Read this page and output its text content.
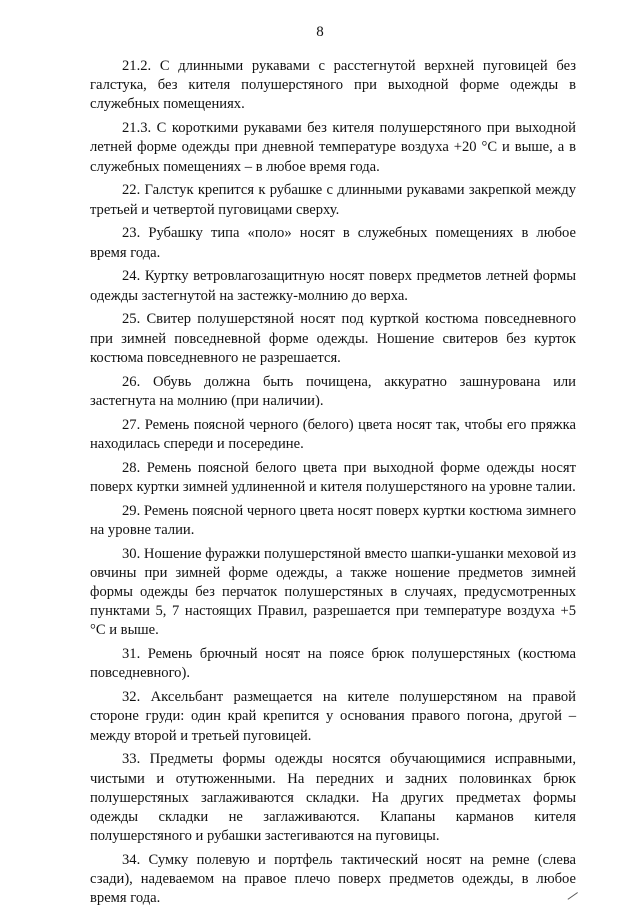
8

21.2. С длинными рукавами с расстегнутой верхней пуговицей без галстука, без кителя полушерстяного при выходной форме одежды в служебных помещениях.

21.3. С короткими рукавами без кителя полушерстяного при выходной летней форме одежды при дневной температуре воздуха +20 °С и выше, а в служебных помещениях – в любое время года.

22. Галстук крепится к рубашке с длинными рукавами закрепкой между третьей и четвертой пуговицами сверху.

23. Рубашку типа «поло» носят в служебных помещениях в любое время года.

24. Куртку ветровлагозащитную носят поверх предметов летней формы одежды застегнутой на застежку-молнию до верха.

25. Свитер полушерстяной носят под курткой костюма повседневного при зимней повседневной форме одежды. Ношение свитеров без курток костюма повседневного не разрешается.

26. Обувь должна быть почищена, аккуратно зашнурована или застегнута на молнию (при наличии).

27. Ремень поясной черного (белого) цвета носят так, чтобы его пряжка находилась спереди и посередине.

28. Ремень поясной белого цвета при выходной форме одежды носят поверх куртки зимней удлиненной и кителя полушерстяного на уровне талии.

29. Ремень поясной черного цвета носят поверх куртки костюма зимнего на уровне талии.

30. Ношение фуражки полушерстяной вместо шапки-ушанки меховой из овчины при зимней форме одежды, а также ношение предметов зимней формы одежды без перчаток полушерстяных в случаях, предусмотренных пунктами 5, 7 настоящих Правил, разрешается при температуре воздуха +5 °С и выше.

31. Ремень брючный носят на поясе брюк полушерстяных (костюма повседневного).

32. Аксельбант размещается на кителе полушерстяном на правой стороне груди: один край крепится у основания правого погона, другой – между второй и третьей пуговицей.

33. Предметы формы одежды носятся обучающимися исправными, чистыми и отутюженными. На передних и задних половинках брюк полушерстяных заглаживаются складки. На других предметах формы одежды складки не заглаживаются. Клапаны карманов кителя полушерстяного и рубашки застегиваются на пуговицы.

34. Сумку полевую и портфель тактический носят на ремне (слева сзади), надеваемом на правое плечо поверх предметов одежды, в любое время года.
